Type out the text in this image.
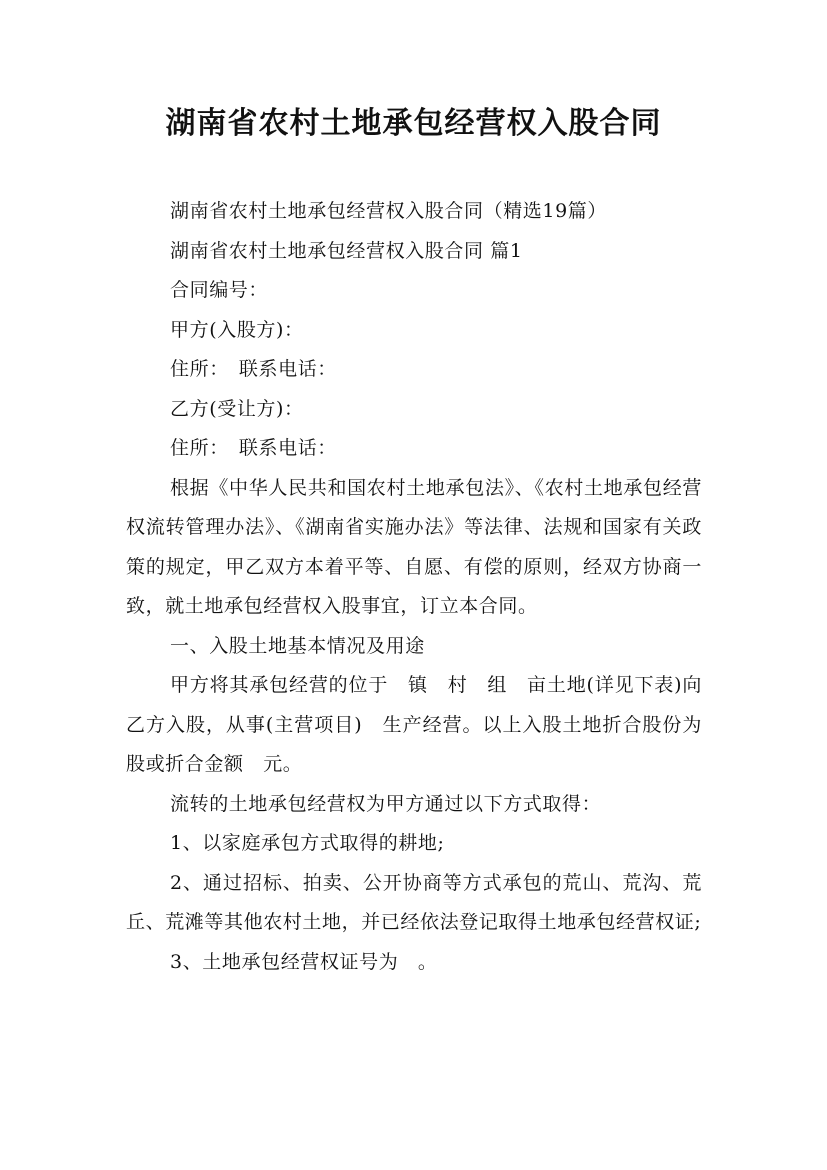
湖南省农村土地承包经营权入股合同
湖南省农村土地承包经营权入股合同（精选19篇）
湖南省农村土地承包经营权入股合同 篇1
合同编号：
甲方(入股方)：
住所：　联系电话：
乙方(受让方)：
住所：　联系电话：
根据《中华人民共和国农村土地承包法》、《农村土地承包经营权流转管理办法》、《湖南省实施办法》等法律、法规和国家有关政策的规定，甲乙双方本着平等、自愿、有偿的原则，经双方协商一致，就土地承包经营权入股事宜，订立本合同。
一、入股土地基本情况及用途
甲方将其承包经营的位于　镇　村　组　亩土地(详见下表)向乙方入股，从事(主营项目)　生产经营。以上入股土地折合股份为　股或折合金额　元。
流转的土地承包经营权为甲方通过以下方式取得：
1、以家庭承包方式取得的耕地;
2、通过招标、拍卖、公开协商等方式承包的荒山、荒沟、荒丘、荒滩等其他农村土地，并已经依法登记取得土地承包经营权证;
3、土地承包经营权证号为　。
